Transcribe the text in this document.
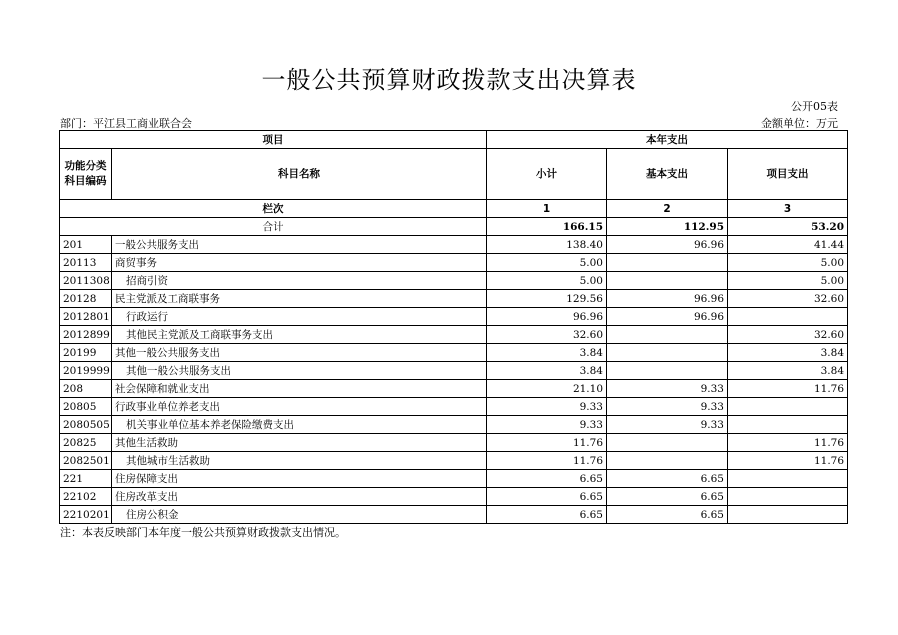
一般公共预算财政拨款支出决算表
公开05表
部门：平江县工商业联合会	金额单位：万元
项目		本年支出		

功能分类
科目编码	科目名称	小计	基本支出	项目支出
栏次		1	2	3
合计		166.15	112.95	53.20
201	一般公共服务支出	138.40	96.96	41.44
20113	商贸事务	5.00		5.00
2011308	招商引资	5.00		5.00
20128	民主党派及工商联事务	129.56	96.96	32.60
2012801	行政运行	96.96	96.96	
2012899	其他民主党派及工商联事务支出	32.60		32.60
20199	其他一般公共服务支出	3.84		3.84
2019999	其他一般公共服务支出	3.84		3.84
208	社会保障和就业支出	21.10	9.33	11.76
20805	行政事业单位养老支出	9.33	9.33	
2080505	机关事业单位基本养老保险缴费支出	9.33	9.33	
20825	其他生活救助	11.76		11.76
2082501	其他城市生活救助	11.76		11.76
221	住房保障支出	6.65	6.65	
22102	住房改革支出	6.65	6.65	
2210201	住房公积金	6.65	6.65	
注：本表反映部门本年度一般公共预算财政拨款支出情况。
